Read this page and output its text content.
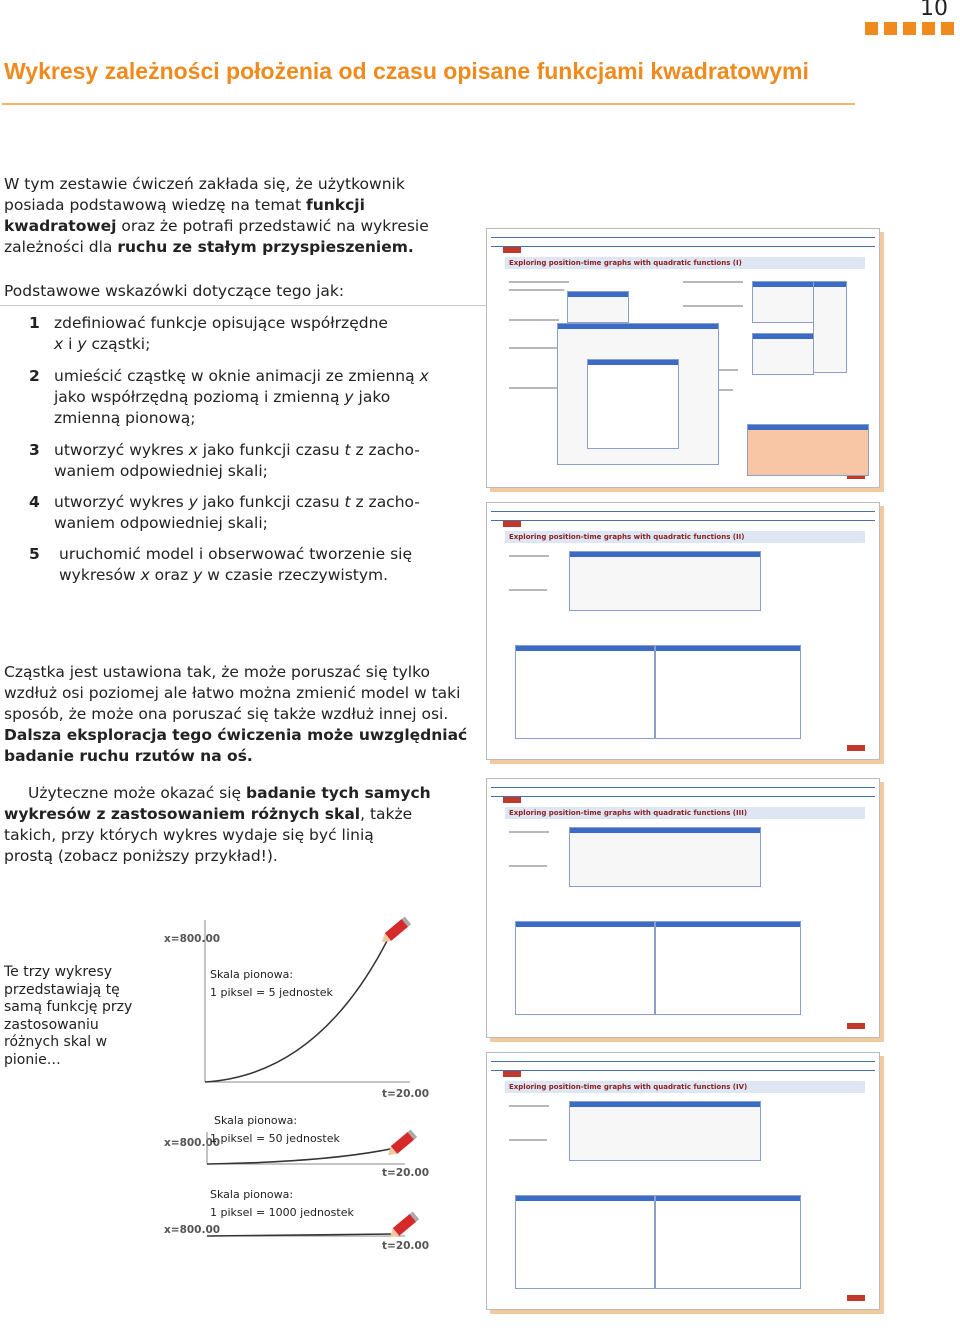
10
Wykresy zależności położenia od czasu opisane funkcjami kwadratowymi
W tym zestawie ćwiczeń zakłada się, że użytkownik
posiada podstawową wiedzę na temat funkcji
kwadratowej oraz że potrafi przedstawić na wykresie
zależności dla ruchu ze stałym przyspieszeniem.
Podstawowe wskazówki dotyczące tego jak:
1 zdefiniować funkcje opisujące współrzędne
x i y cząstki;
2 umieścić cząstkę w oknie animacji ze zmienną x
jako współrzędną poziomą i zmienną y jako
zmienną pionową;
3 utworzyć wykres x jako funkcji czasu t z zacho-
waniem odpowiedniej skali;
4 utworzyć wykres y jako funkcji czasu t z zacho-
waniem odpowiedniej skali;
5 uruchomić model i obserwować tworzenie się
wykresów x oraz y w czasie rzeczywistym.
Cząstka jest ustawiona tak, że może poruszać się tylko
wzdłuż osi poziomej ale łatwo można zmienić model w taki
sposób, że może ona poruszać się także wzdłuż innej osi.
Dalsza eksploracja tego ćwiczenia może uwzględniać
badanie ruchu rzutów na oś.
Użyteczne może okazać się badanie tych samych
wykresów z zastosowaniem różnych skal, także
takich, przy których wykres wydaje się być linią
prostą (zobacz poniższy przykład!).
Te trzy wykresy
przedstawiają tę
samą funkcję przy
zastosowaniu
różnych skal w
pionie…
x=800.00
t=20.00
Skala pionowa:
1 piksel = 5 jednostek
x=800.00
t=20.00
Skala pionowa:
1 piksel = 50 jednostek
x=800.00
t=20.00
Skala pionowa:
1 piksel = 1000 jednostek
Exploring position-time graphs with quadratic functions (I)
Exploring position-time graphs with quadratic functions (II)
Exploring position-time graphs with quadratic functions (III)
Exploring position-time graphs with quadratic functions (IV)
